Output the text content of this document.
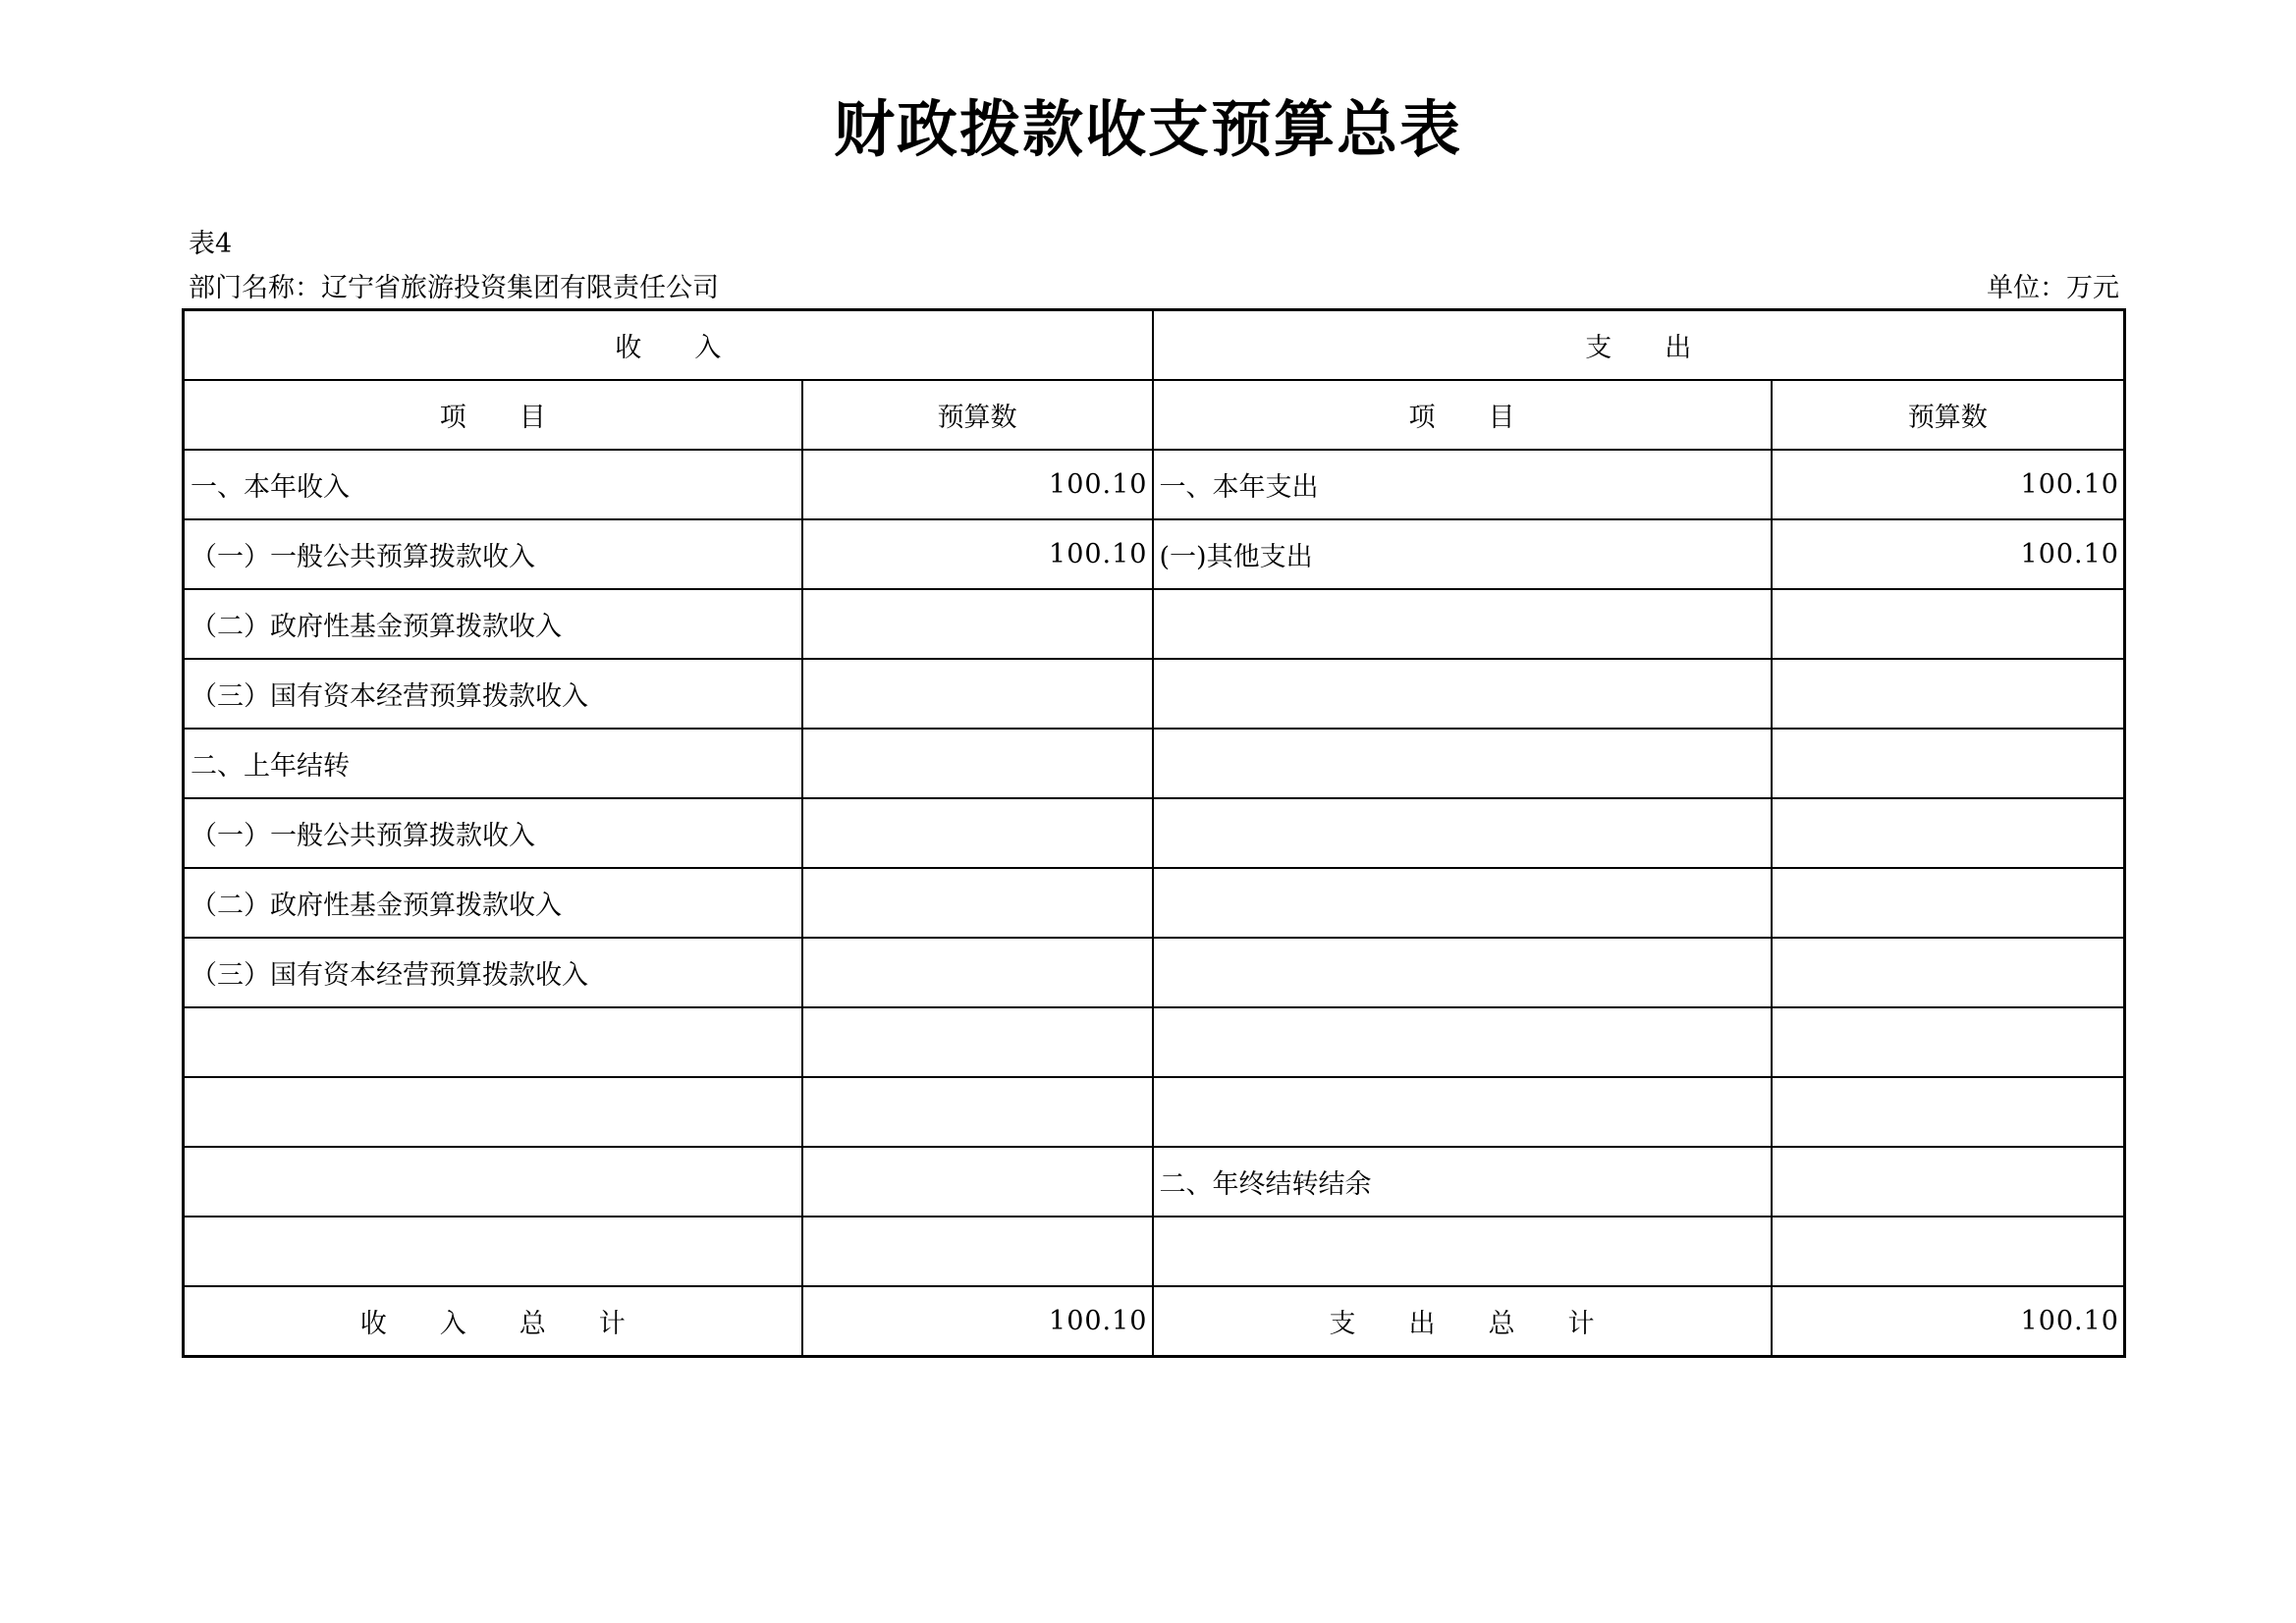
财政拨款收支预算总表
表4
部门名称：辽宁省旅游投资集团有限责任公司	单位：万元
收　　入		支　　出	
项　　目	预算数	项　　目	预算数
一、本年收入	100.10	一、本年支出	100.10
（一）一般公共预算拨款收入	100.10	(一)其他支出	100.10
（二）政府性基金预算拨款收入			
（三）国有资本经营预算拨款收入			
二、上年结转			
（一）一般公共预算拨款收入			
（二）政府性基金预算拨款收入			
（三）国有资本经营预算拨款收入			

		二、年终结转结余	

收　　入　　总　　计	100.10	支　　出　　总　　计	100.10
